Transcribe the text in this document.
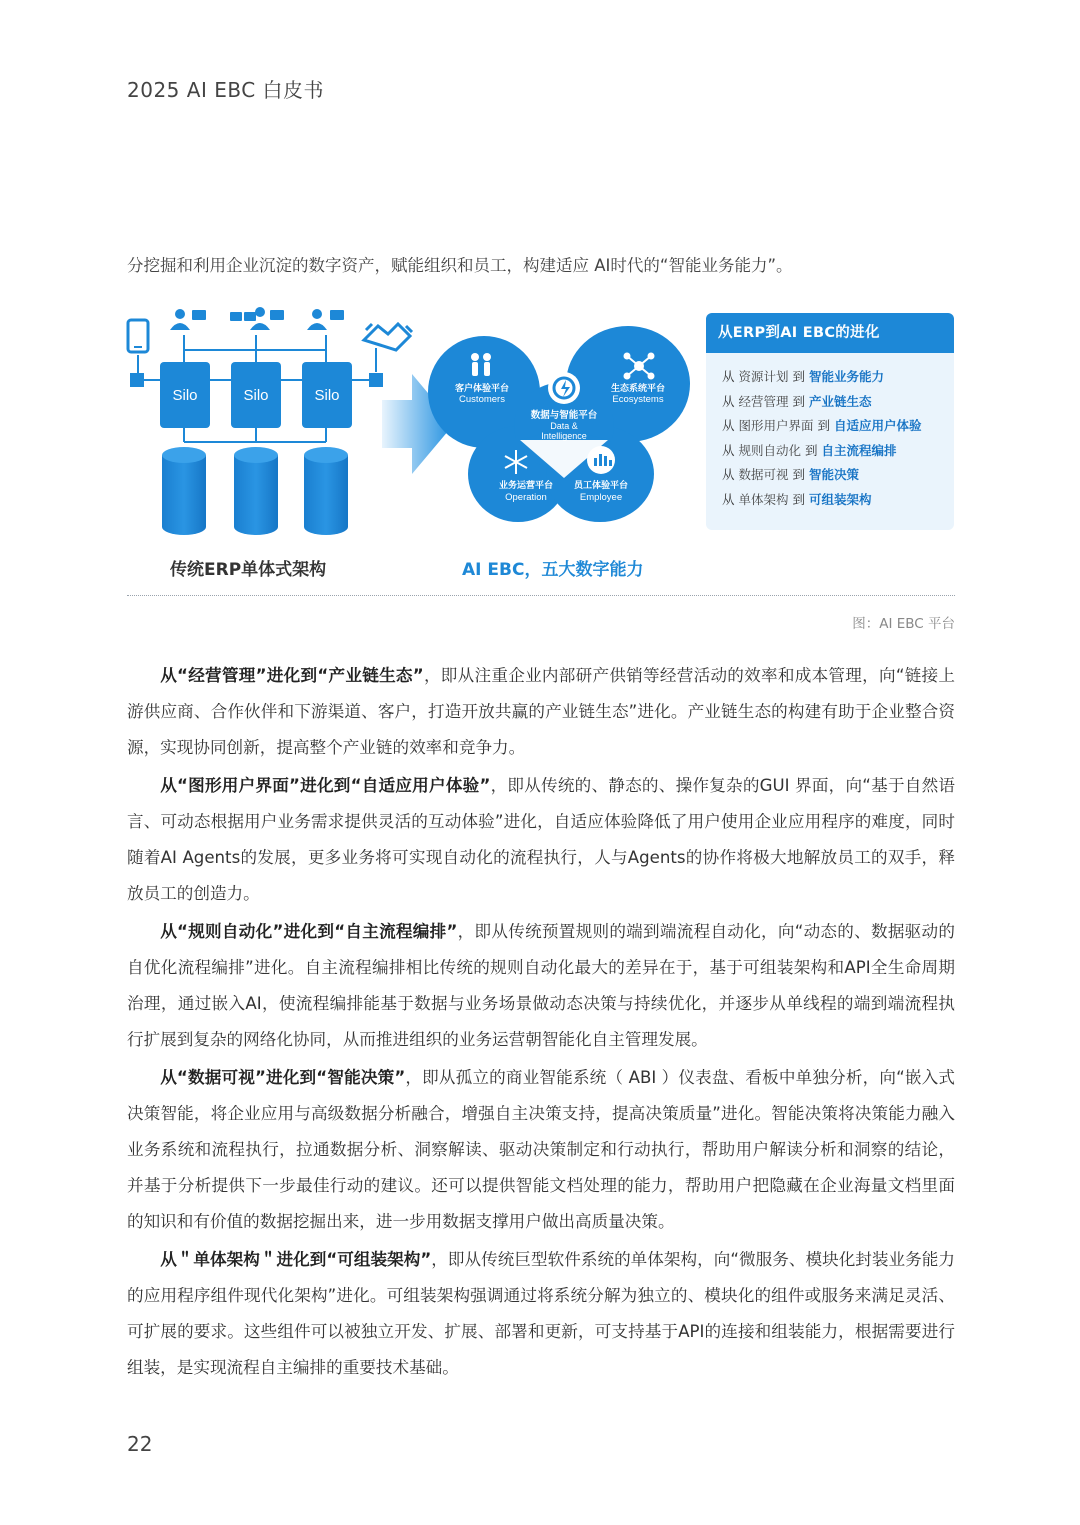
2025 AI EBC 白皮书
分挖掘和利用企业沉淀的数字资产，赋能组织和员工，构建适应 AI时代的“智能业务能力”。
Silo	Silo	Silo
数据与智能平台
Data &
Intelligence
客户体验平台
Customers
生态系统平台
Ecosystems
业务运营平台
Operation
员工体验平台
Employee
传统ERP单体式架构	AI EBC，五大数字能力
从ERP到AI EBC的进化
从 资源计划 到 智能业务能力
从 经营管理 到 产业链生态
从 图形用户界面 到 自适应用户体验
从 规则自动化 到 自主流程编排
从 数据可视 到 智能决策
从 单体架构 到 可组装架构
图：AI EBC 平台

从“经营管理”进化到“产业链生态”，即从注重企业内部研产供销等经营活动的效率和成本管理，向“链接上游供应商、合作伙伴和下游渠道、客户，打造开放共赢的产业链生态”进化。产业链生态的构建有助于企业整合资源，实现协同创新，提高整个产业链的效率和竞争力。

从“图形用户界面”进化到“自适应用户体验”，即从传统的、静态的、操作复杂的GUI 界面，向“基于自然语言、可动态根据用户业务需求提供灵活的互动体验”进化，自适应体验降低了用户使用企业应用程序的难度，同时随着AI Agents的发展，更多业务将可实现自动化的流程执行，人与Agents的协作将极大地解放员工的双手，释放员工的创造力。

从“规则自动化”进化到“自主流程编排”，即从传统预置规则的端到端流程自动化，向“动态的、数据驱动的自优化流程编排”进化。自主流程编排相比传统的规则自动化最大的差异在于，基于可组装架构和API全生命周期治理，通过嵌入AI，使流程编排能基于数据与业务场景做动态决策与持续优化，并逐步从单线程的端到端流程执行扩展到复杂的网络化协同，从而推进组织的业务运营朝智能化自主管理发展。

从“数据可视”进化到“智能决策”，即从孤立的商业智能系统（ ABI ）仪表盘、看板中单独分析，向“嵌入式决策智能，将企业应用与高级数据分析融合，增强自主决策支持，提高决策质量”进化。智能决策将决策能力融入业务系统和流程执行，拉通数据分析、洞察解读、驱动决策制定和行动执行，帮助用户解读分析和洞察的结论，并基于分析提供下一步最佳行动的建议。还可以提供智能文档处理的能力，帮助用户把隐藏在企业海量文档里面的知识和有价值的数据挖掘出来，进一步用数据支撑用户做出高质量决策。

从＂单体架构＂进化到“可组装架构”，即从传统巨型软件系统的单体架构，向“微服务、模块化封装业务能力的应用程序组件现代化架构”进化。可组装架构强调通过将系统分解为独立的、模块化的组件或服务来满足灵活、可扩展的要求。这些组件可以被独立开发、扩展、部署和更新，可支持基于API的连接和组装能力，根据需要进行组装，是实现流程自主编排的重要技术基础。

22
